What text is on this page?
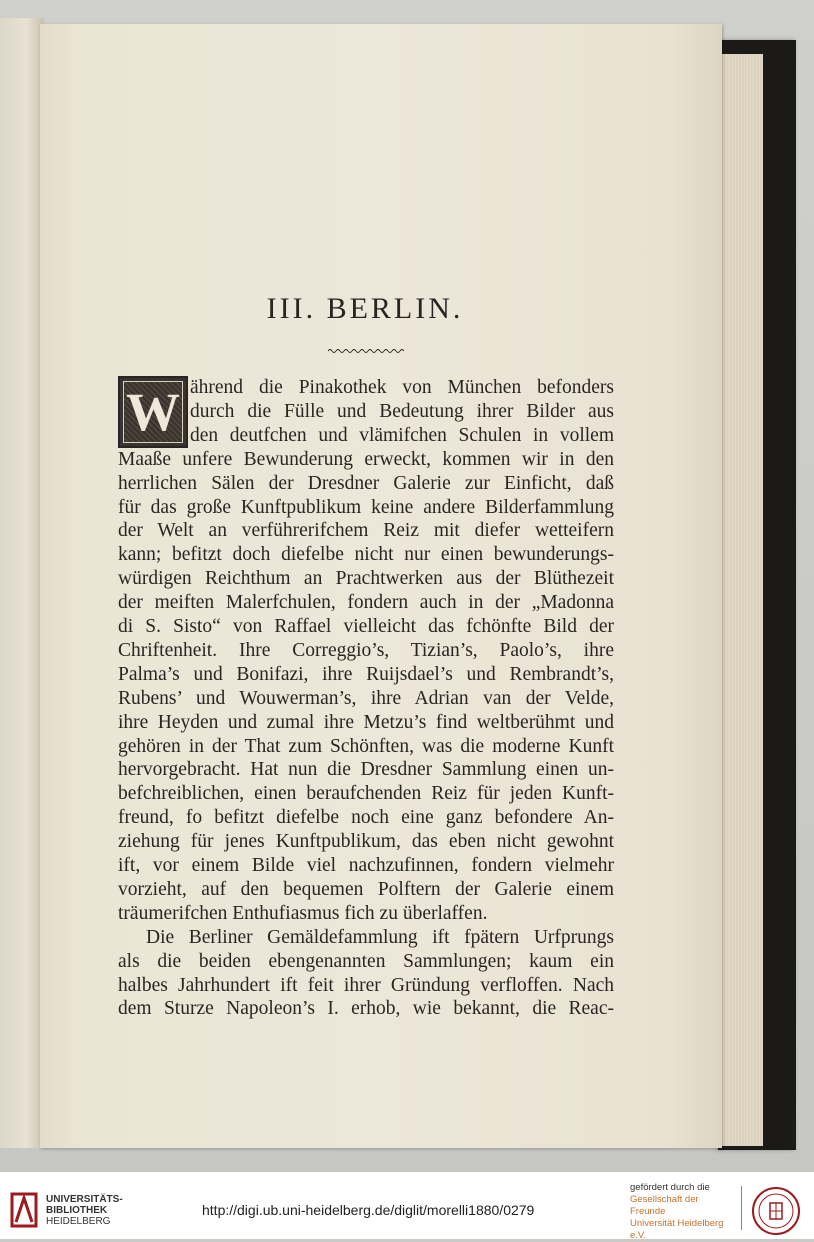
III. BERLIN.
W ährend die Pinakothek von München befonders
durch die Fülle und Bedeutung ihrer Bilder aus
den deutfchen und vlämifchen Schulen in vollem
Maaße unfere Bewunderung erweckt, kommen wir in den
herrlichen Sälen der Dresdner Galerie zur Einficht, daß
für das große Kunftpublikum keine andere Bilderfammlung
der Welt an verführerifchem Reiz mit diefer wetteifern
kann; befitzt doch diefelbe nicht nur einen bewunderungs-
würdigen Reichthum an Prachtwerken aus der Blüthezeit
der meiften Malerfchulen, fondern auch in der „Madonna
di S. Sisto“ von Raffael vielleicht das fchönfte Bild der
Chriftenheit. Ihre Correggio’s, Tizian’s, Paolo’s, ihre
Palma’s und Bonifazi, ihre Ruijsdael’s und Rembrandt’s,
Rubens’ und Wouwerman’s, ihre Adrian van der Velde,
ihre Heyden und zumal ihre Metzu’s find weltberühmt und
gehören in der That zum Schönften, was die moderne Kunft
hervorgebracht. Hat nun die Dresdner Sammlung einen un-
befchreiblichen, einen beraufchenden Reiz für jeden Kunft-
freund, fo befitzt diefelbe noch eine ganz befondere An-
ziehung für jenes Kunftpublikum, das eben nicht gewohnt
ift, vor einem Bilde viel nachzufinnen, fondern vielmehr
vorzieht, auf den bequemen Polftern der Galerie einem
träumerifchen Enthufiasmus fich zu überlaffen.
Die Berliner Gemäldefammlung ift fpätern Urfprungs
als die beiden ebengenannten Sammlungen; kaum ein
halbes Jahrhundert ift feit ihrer Gründung verfloffen. Nach
dem Sturze Napoleon’s I. erhob, wie bekannt, die Reac-
UNIVERSITÄTS-
BIBLIOTHEK
HEIDELBERG
http://digi.ub.uni-heidelberg.de/diglit/morelli1880/0279
gefördert durch die
Gesellschaft der Freunde
Universität Heidelberg e.V.
